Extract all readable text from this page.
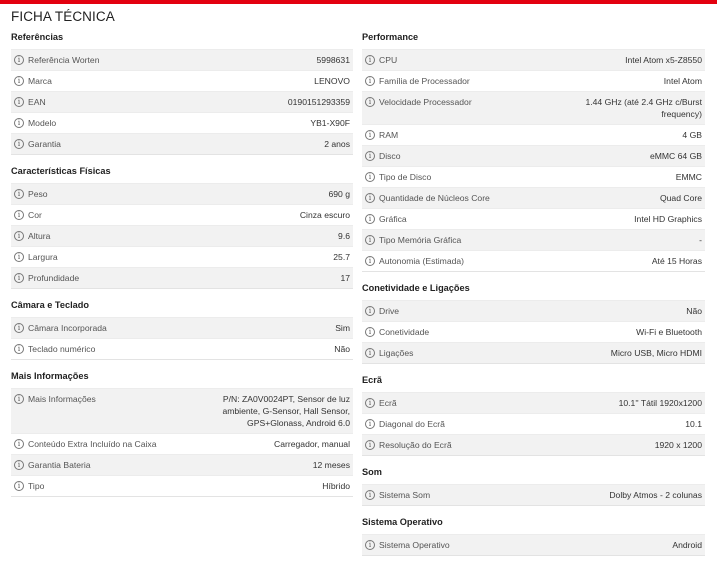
FICHA TÉCNICA
Referências
i Referência Worten	5998631
i Marca	LENOVO
i EAN	0190151293359
i Modelo	YB1-X90F
i Garantia	2 anos
Características Físicas
i Peso	690 g
i Cor	Cinza escuro
i Altura	9.6
i Largura	25.7
i Profundidade	17
Câmara e Teclado
i Câmara Incorporada	Sim
i Teclado numérico	Não
Mais Informações
i Mais Informações	P/N: ZA0V0024PT, Sensor de luz ambiente, G-Sensor, Hall Sensor, GPS+Glonass, Android 6.0
i Conteúdo Extra Incluído na Caixa	Carregador, manual
i Garantia Bateria	12 meses
i Tipo	Híbrido
Performance
i CPU	Intel Atom x5-Z8550
i Família de Processador	Intel Atom
i Velocidade Processador	1.44 GHz (até 2.4 GHz c/Burst frequency)
i RAM	4 GB
i Disco	eMMC 64 GB
i Tipo de Disco	EMMC
i Quantidade de Núcleos Core	Quad Core
i Gráfica	Intel HD Graphics
i Tipo Memória Gráfica	-
i Autonomia (Estimada)	Até 15 Horas
Conetividade e Ligações
i Drive	Não
i Conetividade	Wi-Fi e Bluetooth
i Ligações	Micro USB, Micro HDMI
Ecrã
i Ecrã	10.1'' Tátil 1920x1200
i Diagonal do Ecrã	10.1
i Resolução do Ecrã	1920 x 1200
Som
i Sistema Som	Dolby Atmos - 2 colunas
Sistema Operativo
i Sistema Operativo	Android
